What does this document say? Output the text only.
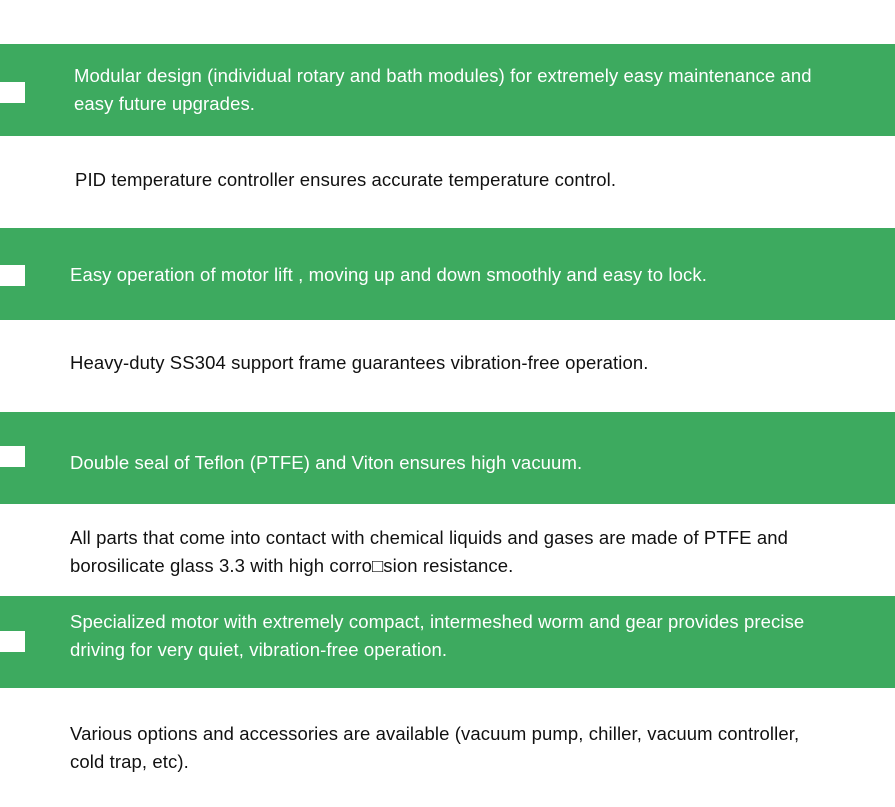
Modular design (individual rotary and bath modules) for extremely easy maintenance and easy future upgrades.
PID temperature controller ensures accurate temperature control.
Easy operation of motor lift , moving up and down smoothly and easy to lock.
Heavy-duty SS304 support frame guarantees vibration-free operation.
Double seal of Teflon (PTFE) and Viton ensures high vacuum.
All parts that come into contact with chemical liquids and gases are made of PTFE and borosilicate glass 3.3 with high corro□sion resistance.
Specialized motor with extremely compact, intermeshed worm and gear provides precise driving for very quiet, vibration-free operation.
Various options and accessories are available (vacuum pump, chiller, vacuum controller, cold trap, etc).
